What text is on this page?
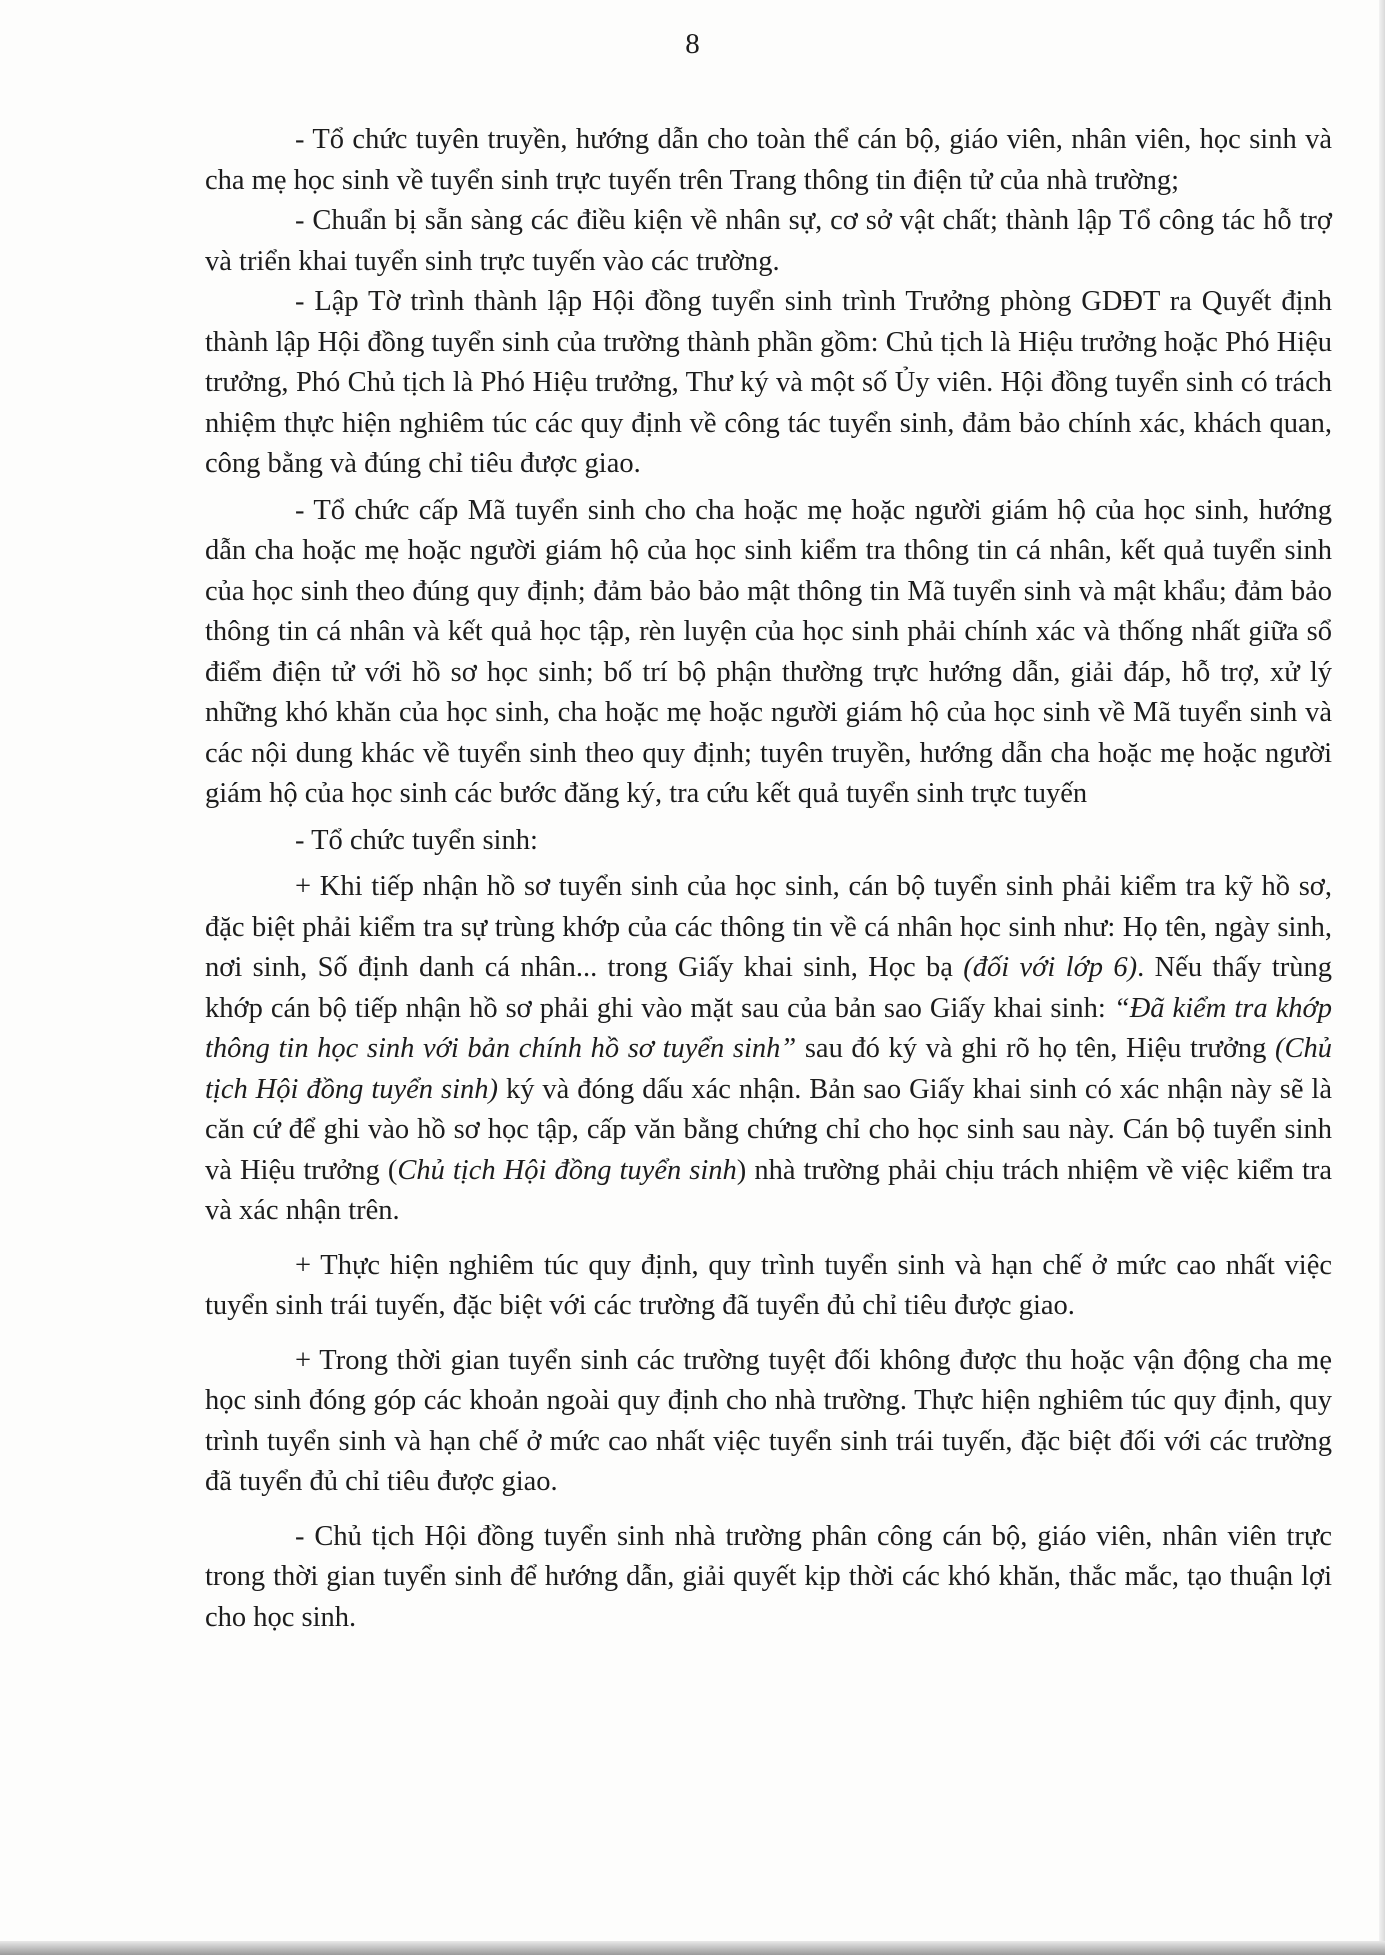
8

- Tổ chức tuyên truyền, hướng dẫn cho toàn thể cán bộ, giáo viên, nhân viên, học sinh và cha mẹ học sinh về tuyển sinh trực tuyến trên Trang thông tin điện tử của nhà trường;

- Chuẩn bị sẵn sàng các điều kiện về nhân sự, cơ sở vật chất; thành lập Tổ công tác hỗ trợ và triển khai tuyển sinh trực tuyến vào các trường.

- Lập Tờ trình thành lập Hội đồng tuyển sinh trình Trưởng phòng GDĐT ra Quyết định thành lập Hội đồng tuyển sinh của trường thành phần gồm: Chủ tịch là Hiệu trưởng hoặc Phó Hiệu trưởng, Phó Chủ tịch là Phó Hiệu trưởng, Thư ký và một số Ủy viên. Hội đồng tuyển sinh có trách nhiệm thực hiện nghiêm túc các quy định về công tác tuyển sinh, đảm bảo chính xác, khách quan, công bằng và đúng chỉ tiêu được giao.

- Tổ chức cấp Mã tuyển sinh cho cha hoặc mẹ hoặc người giám hộ của học sinh, hướng dẫn cha hoặc mẹ hoặc người giám hộ của học sinh kiểm tra thông tin cá nhân, kết quả tuyển sinh của học sinh theo đúng quy định; đảm bảo bảo mật thông tin Mã tuyển sinh và mật khẩu; đảm bảo thông tin cá nhân và kết quả học tập, rèn luyện của học sinh phải chính xác và thống nhất giữa sổ điểm điện tử với hồ sơ học sinh; bố trí bộ phận thường trực hướng dẫn, giải đáp, hỗ trợ, xử lý những khó khăn của học sinh, cha hoặc mẹ hoặc người giám hộ của học sinh về Mã tuyển sinh và các nội dung khác về tuyển sinh theo quy định; tuyên truyền, hướng dẫn cha hoặc mẹ hoặc người giám hộ của học sinh các bước đăng ký, tra cứu kết quả tuyển sinh trực tuyến

- Tổ chức tuyển sinh:

+ Khi tiếp nhận hồ sơ tuyển sinh của học sinh, cán bộ tuyển sinh phải kiểm tra kỹ hồ sơ, đặc biệt phải kiểm tra sự trùng khớp của các thông tin về cá nhân học sinh như: Họ tên, ngày sinh, nơi sinh, Số định danh cá nhân... trong Giấy khai sinh, Học bạ (đối với lớp 6). Nếu thấy trùng khớp cán bộ tiếp nhận hồ sơ phải ghi vào mặt sau của bản sao Giấy khai sinh: “Đã kiểm tra khớp thông tin học sinh với bản chính hồ sơ tuyển sinh” sau đó ký và ghi rõ họ tên, Hiệu trưởng (Chủ tịch Hội đồng tuyển sinh) ký và đóng dấu xác nhận. Bản sao Giấy khai sinh có xác nhận này sẽ là căn cứ để ghi vào hồ sơ học tập, cấp văn bằng chứng chỉ cho học sinh sau này. Cán bộ tuyển sinh và Hiệu trưởng (Chủ tịch Hội đồng tuyển sinh) nhà trường phải chịu trách nhiệm về việc kiểm tra và xác nhận trên.

+ Thực hiện nghiêm túc quy định, quy trình tuyển sinh và hạn chế ở mức cao nhất việc tuyển sinh trái tuyến, đặc biệt với các trường đã tuyển đủ chỉ tiêu được giao.

+ Trong thời gian tuyển sinh các trường tuyệt đối không được thu hoặc vận động cha mẹ học sinh đóng góp các khoản ngoài quy định cho nhà trường. Thực hiện nghiêm túc quy định, quy trình tuyển sinh và hạn chế ở mức cao nhất việc tuyển sinh trái tuyến, đặc biệt đối với các trường đã tuyển đủ chỉ tiêu được giao.

- Chủ tịch Hội đồng tuyển sinh nhà trường phân công cán bộ, giáo viên, nhân viên trực trong thời gian tuyển sinh để hướng dẫn, giải quyết kịp thời các khó khăn, thắc mắc, tạo thuận lợi cho học sinh.
